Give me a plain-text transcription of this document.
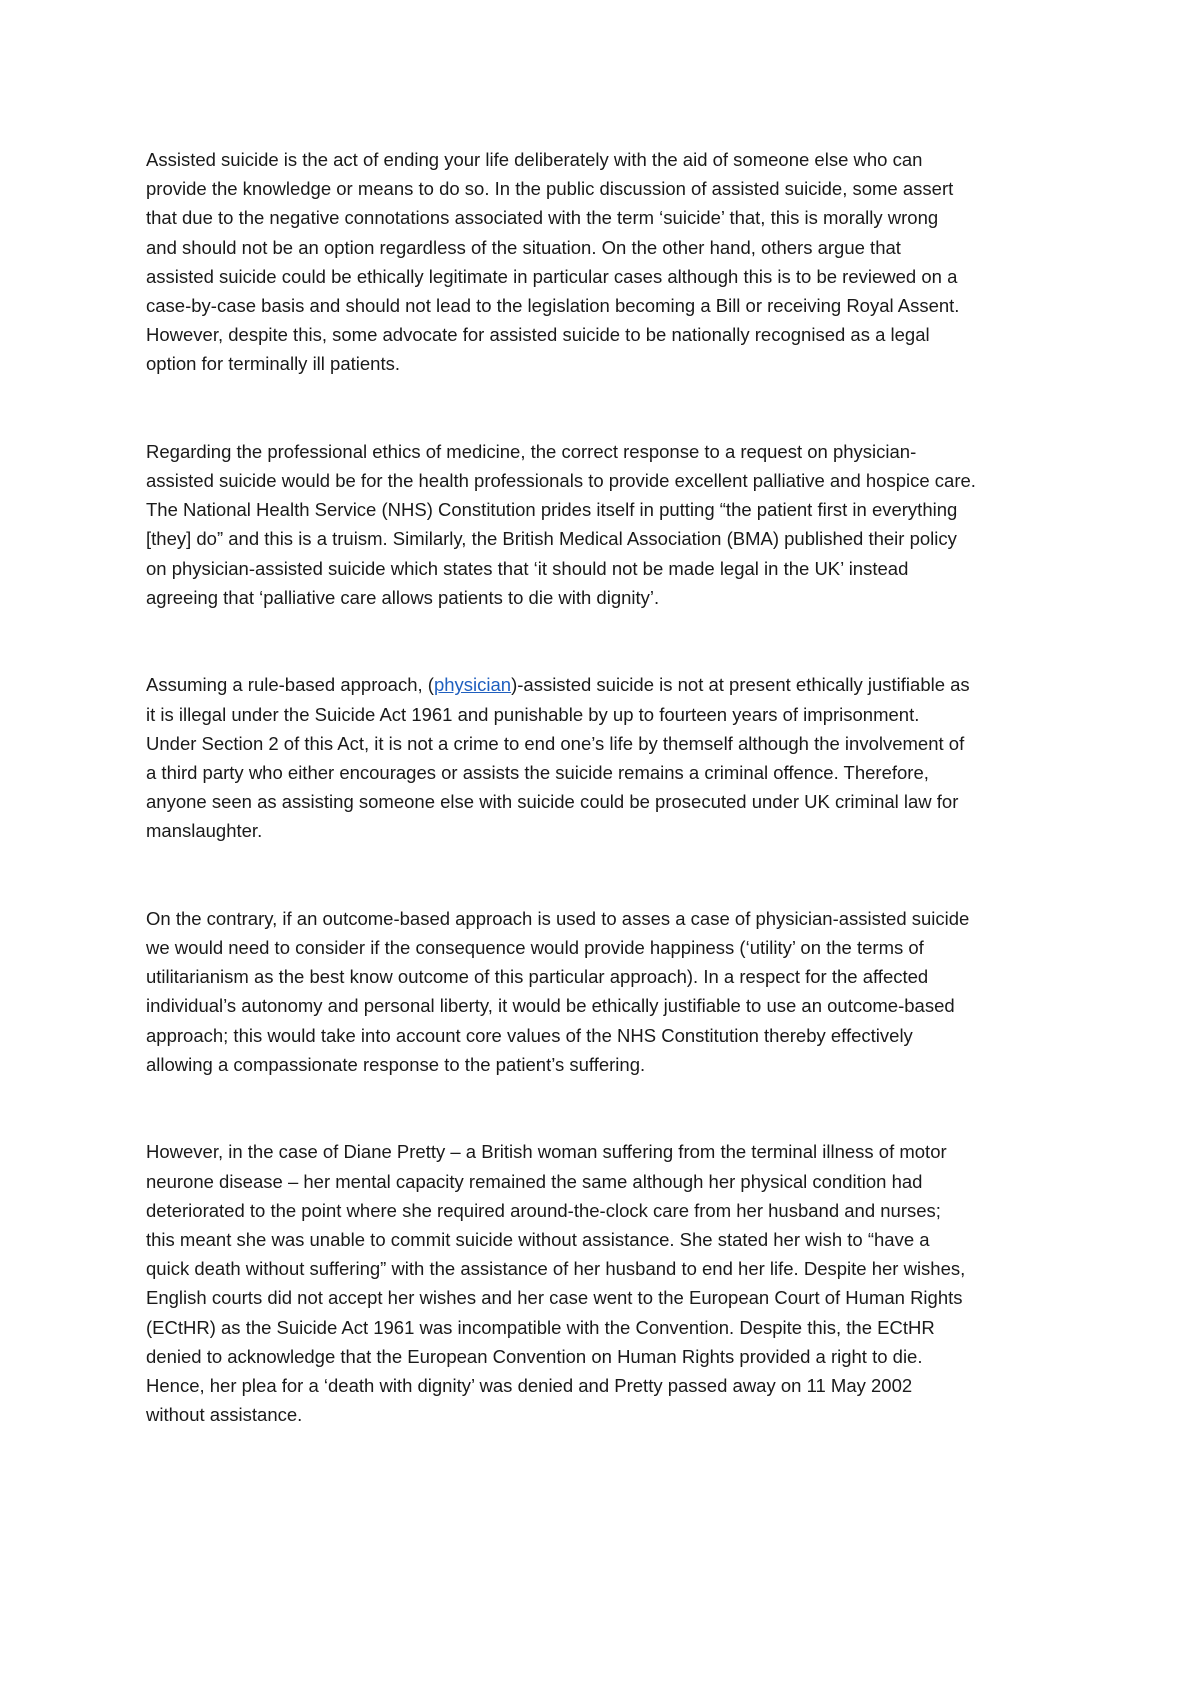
Assisted suicide is the act of ending your life deliberately with the aid of someone else who can
provide the knowledge or means to do so. In the public discussion of assisted suicide, some assert
that due to the negative connotations associated with the term ‘suicide’ that, this is morally wrong
and should not be an option regardless of the situation. On the other hand, others argue that
assisted suicide could be ethically legitimate in particular cases although this is to be reviewed on a
case-by-case basis and should not lead to the legislation becoming a Bill or receiving Royal Assent.
However, despite this, some advocate for assisted suicide to be nationally recognised as a legal
option for terminally ill patients.

Regarding the professional ethics of medicine, the correct response to a request on physician-
assisted suicide would be for the health professionals to provide excellent palliative and hospice care.
The National Health Service (NHS) Constitution prides itself in putting “the patient first in everything
[they] do” and this is a truism. Similarly, the British Medical Association (BMA) published their policy
on physician-assisted suicide which states that ‘it should not be made legal in the UK’ instead
agreeing that ‘palliative care allows patients to die with dignity’.

Assuming a rule-based approach, (physician)-assisted suicide is not at present ethically justifiable as
it is illegal under the Suicide Act 1961 and punishable by up to fourteen years of imprisonment.
Under Section 2 of this Act, it is not a crime to end one’s life by themself although the involvement of
a third party who either encourages or assists the suicide remains a criminal offence. Therefore,
anyone seen as assisting someone else with suicide could be prosecuted under UK criminal law for
manslaughter.

On the contrary, if an outcome-based approach is used to asses a case of physician-assisted suicide
we would need to consider if the consequence would provide happiness (‘utility’ on the terms of
utilitarianism as the best know outcome of this particular approach). In a respect for the affected
individual’s autonomy and personal liberty, it would be ethically justifiable to use an outcome-based
approach; this would take into account core values of the NHS Constitution thereby effectively
allowing a compassionate response to the patient’s suffering.

However, in the case of Diane Pretty – a British woman suffering from the terminal illness of motor
neurone disease – her mental capacity remained the same although her physical condition had
deteriorated to the point where she required around-the-clock care from her husband and nurses;
this meant she was unable to commit suicide without assistance. She stated her wish to “have a
quick death without suffering” with the assistance of her husband to end her life. Despite her wishes,
English courts did not accept her wishes and her case went to the European Court of Human Rights
(ECtHR) as the Suicide Act 1961 was incompatible with the Convention. Despite this, the ECtHR
denied to acknowledge that the European Convention on Human Rights provided a right to die.
Hence, her plea for a ‘death with dignity’ was denied and Pretty passed away on 11 May 2002
without assistance.
